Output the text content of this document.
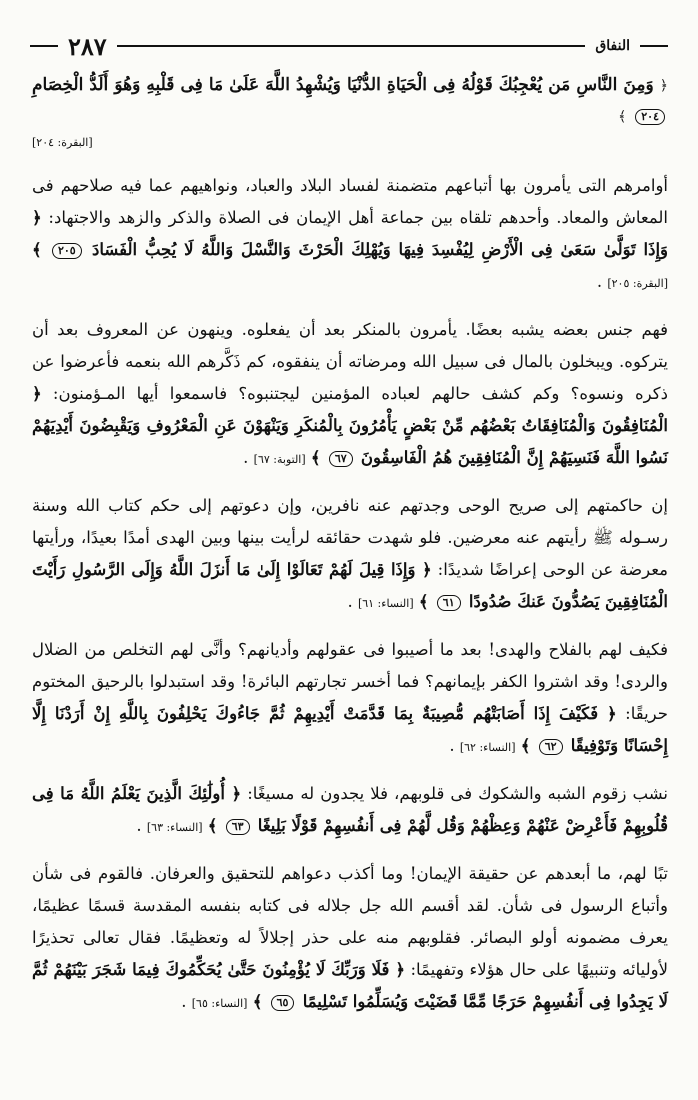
٢٨٧	النفاق

﴿ وَمِنَ النَّاسِ مَن يُعْجِبُكَ قَوْلُهُ فِى الْحَيَاةِ الدُّنْيَا وَيُشْهِدُ اللَّهَ عَلَىٰ مَا فِى قَلْبِهِ وَهُوَ أَلَدُّ الْخِصَامِ ٢٠٤ ﴾

[البقرة: ٢٠٤]

أوامرهم التى يأمرون بها أتباعهم متضمنة لفساد البلاد والعباد، ونواهيهم عما فيه صلاحهم فى المعاش والمعاد. وأحدهم تلقاه بين جماعة أهل الإيمان فى الصلاة والذكر والزهد والاجتهاد: ﴿ وَإِذَا تَوَلَّىٰ سَعَىٰ فِى الْأَرْضِ لِيُفْسِدَ فِيهَا وَيُهْلِكَ الْحَرْثَ وَالنَّسْلَ وَاللَّهُ لَا يُحِبُّ الْفَسَادَ ٢٠٥ ﴾ [البقرة: ٢٠٥] .

فهم جنس بعضه يشبه بعضًا. يأمرون بالمنكر بعد أن يفعلوه. وينهون عن المعروف بعد أن يتركوه. ويبخلون بالمال فى سبيل الله ومرضاته أن ينفقوه، كم ذَكَّرهم الله بنعمه فأعرضوا عن ذكره ونسوه؟ وكم كشف حالهم لعباده المؤمنين ليجتنبوه؟ فاسمعوا أيها المـؤمنون: ﴿ الْمُنَافِقُونَ وَالْمُنَافِقَاتُ بَعْضُهُم مِّنْ بَعْضٍ يَأْمُرُونَ بِالْمُنكَرِ وَيَنْهَوْنَ عَنِ الْمَعْرُوفِ وَيَقْبِضُونَ أَيْدِيَهُمْ نَسُوا اللَّهَ فَنَسِيَهُمْ إِنَّ الْمُنَافِقِينَ هُمُ الْفَاسِقُونَ ٦٧ ﴾ [التوبة: ٦٧] .

إن حاكمتهم إلى صريح الوحى وجدتهم عنه نافرين، وإن دعوتهم إلى حكم كتاب الله وسنة رسـوله ﷺ رأيتهم عنه معرضين. فلو شهدت حقائقه لرأيت بينها وبين الهدى أمدًا بعيدًا، ورأيتها معرضة عن الوحى إعراضًا شديدًا: ﴿ وَإِذَا قِيلَ لَهُمْ تَعَالَوْا إِلَىٰ مَا أَنزَلَ اللَّهُ وَإِلَى الرَّسُولِ رَأَيْتَ الْمُنَافِقِينَ يَصُدُّونَ عَنكَ صُدُودًا ٦١ ﴾ [النساء: ٦١] .

فكيف لهم بالفلاح والهدى! بعد ما أصيبوا فى عقولهم وأديانهم؟ وأنَّى لهم التخلص من الضلال والردى! وقد اشتروا الكفر بإيمانهم؟ فما أخسر تجارتهم البائرة! وقد استبدلوا بالرحيق المختوم حريقًا: ﴿ فَكَيْفَ إِذَا أَصَابَتْهُم مُّصِيبَةٌ بِمَا قَدَّمَتْ أَيْدِيهِمْ ثُمَّ جَاءُوكَ يَحْلِفُونَ بِاللَّهِ إِنْ أَرَدْنَا إِلَّا إِحْسَانًا وَتَوْفِيقًا ٦٢ ﴾ [النساء: ٦٢] .

نشب زقوم الشبه والشكوك فى قلوبهم، فلا يجدون له مسيغًا: ﴿ أُولَٰئِكَ الَّذِينَ يَعْلَمُ اللَّهُ مَا فِى قُلُوبِهِمْ فَأَعْرِضْ عَنْهُمْ وَعِظْهُمْ وَقُل لَّهُمْ فِى أَنفُسِهِمْ قَوْلًا بَلِيغًا ٦٣ ﴾ [النساء: ٦٣] .

تبًا لهم، ما أبعدهم عن حقيقة الإيمان! وما أكذب دعواهم للتحقيق والعرفان. فالقوم فى شأن وأتباع الرسول فى شأن. لقد أقسم الله جل جلاله فى كتابه بنفسه المقدسة قسمًا عظيمًا، يعرف مضمونه أولو البصائر. فقلوبهم منه على حذر إجلالاً له وتعظيمًا. فقال تعالى تحذيرًا لأوليائه وتنبيهًا على حال هؤلاء وتفهيمًا: ﴿ فَلَا وَرَبِّكَ لَا يُؤْمِنُونَ حَتَّىٰ يُحَكِّمُوكَ فِيمَا شَجَرَ بَيْنَهُمْ ثُمَّ لَا يَجِدُوا فِى أَنفُسِهِمْ حَرَجًا مِّمَّا قَضَيْتَ وَيُسَلِّمُوا تَسْلِيمًا ٦٥ ﴾ [النساء: ٦٥] .
